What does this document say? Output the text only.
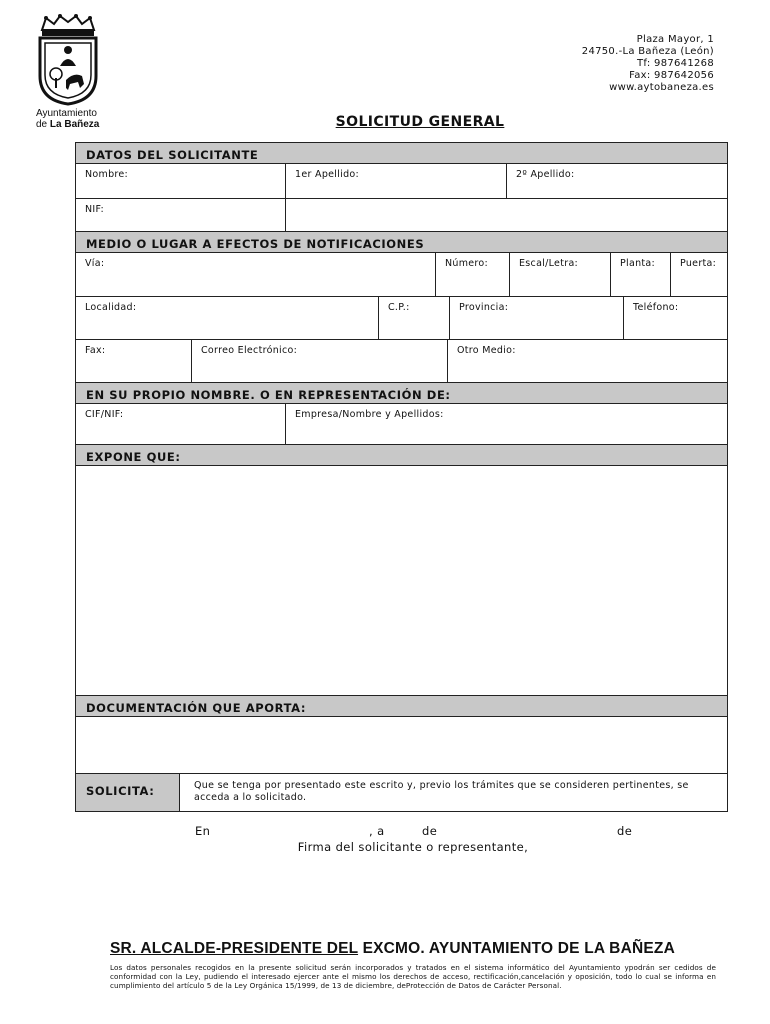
Ayuntamiento
de La Bañeza
Plaza Mayor, 1
24750.-La Bañeza (León)
Tf: 987641268
Fax: 987642056
www.aytobaneza.es
SOLICITUD GENERAL
DATOS DEL SOLICITANTE
Nombre:	1er Apellido:	2º Apellido:
NIF:
MEDIO O LUGAR A EFECTOS DE NOTIFICACIONES
Vía:	Número:	Escal/Letra:	Planta:	Puerta:
Localidad:	C.P.:	Provincia:	Teléfono:
Fax:	Correo Electrónico:	Otro Medio:
EN SU PROPIO NOMBRE. O EN REPRESENTACIÓN DE:
CIF/NIF:	Empresa/Nombre y Apellidos:
EXPONE QUE:
DOCUMENTACIÓN QUE APORTA:
SOLICITA:	Que se tenga por presentado este escrito y, previo los trámites que se consideren pertinentes, se
acceda a lo solicitado.
En	, a	de	de
Firma del solicitante o representante,
SR. ALCALDE-PRESIDENTE DEL EXCMO. AYUNTAMIENTO DE LA BAÑEZA
Los datos personales recogidos en la presente solicitud serán incorporados y tratados en el sistema informático del Ayuntamiento ypodrán ser cedidos de conformidad con la Ley, pudiendo el interesado ejercer ante el mismo los derechos de acceso, rectificación,cancelación y oposición, todo lo cual se informa en cumplimiento del artículo 5 de la Ley Orgánica 15/1999, de 13 de diciembre, deProtección de Datos de Carácter Personal.
